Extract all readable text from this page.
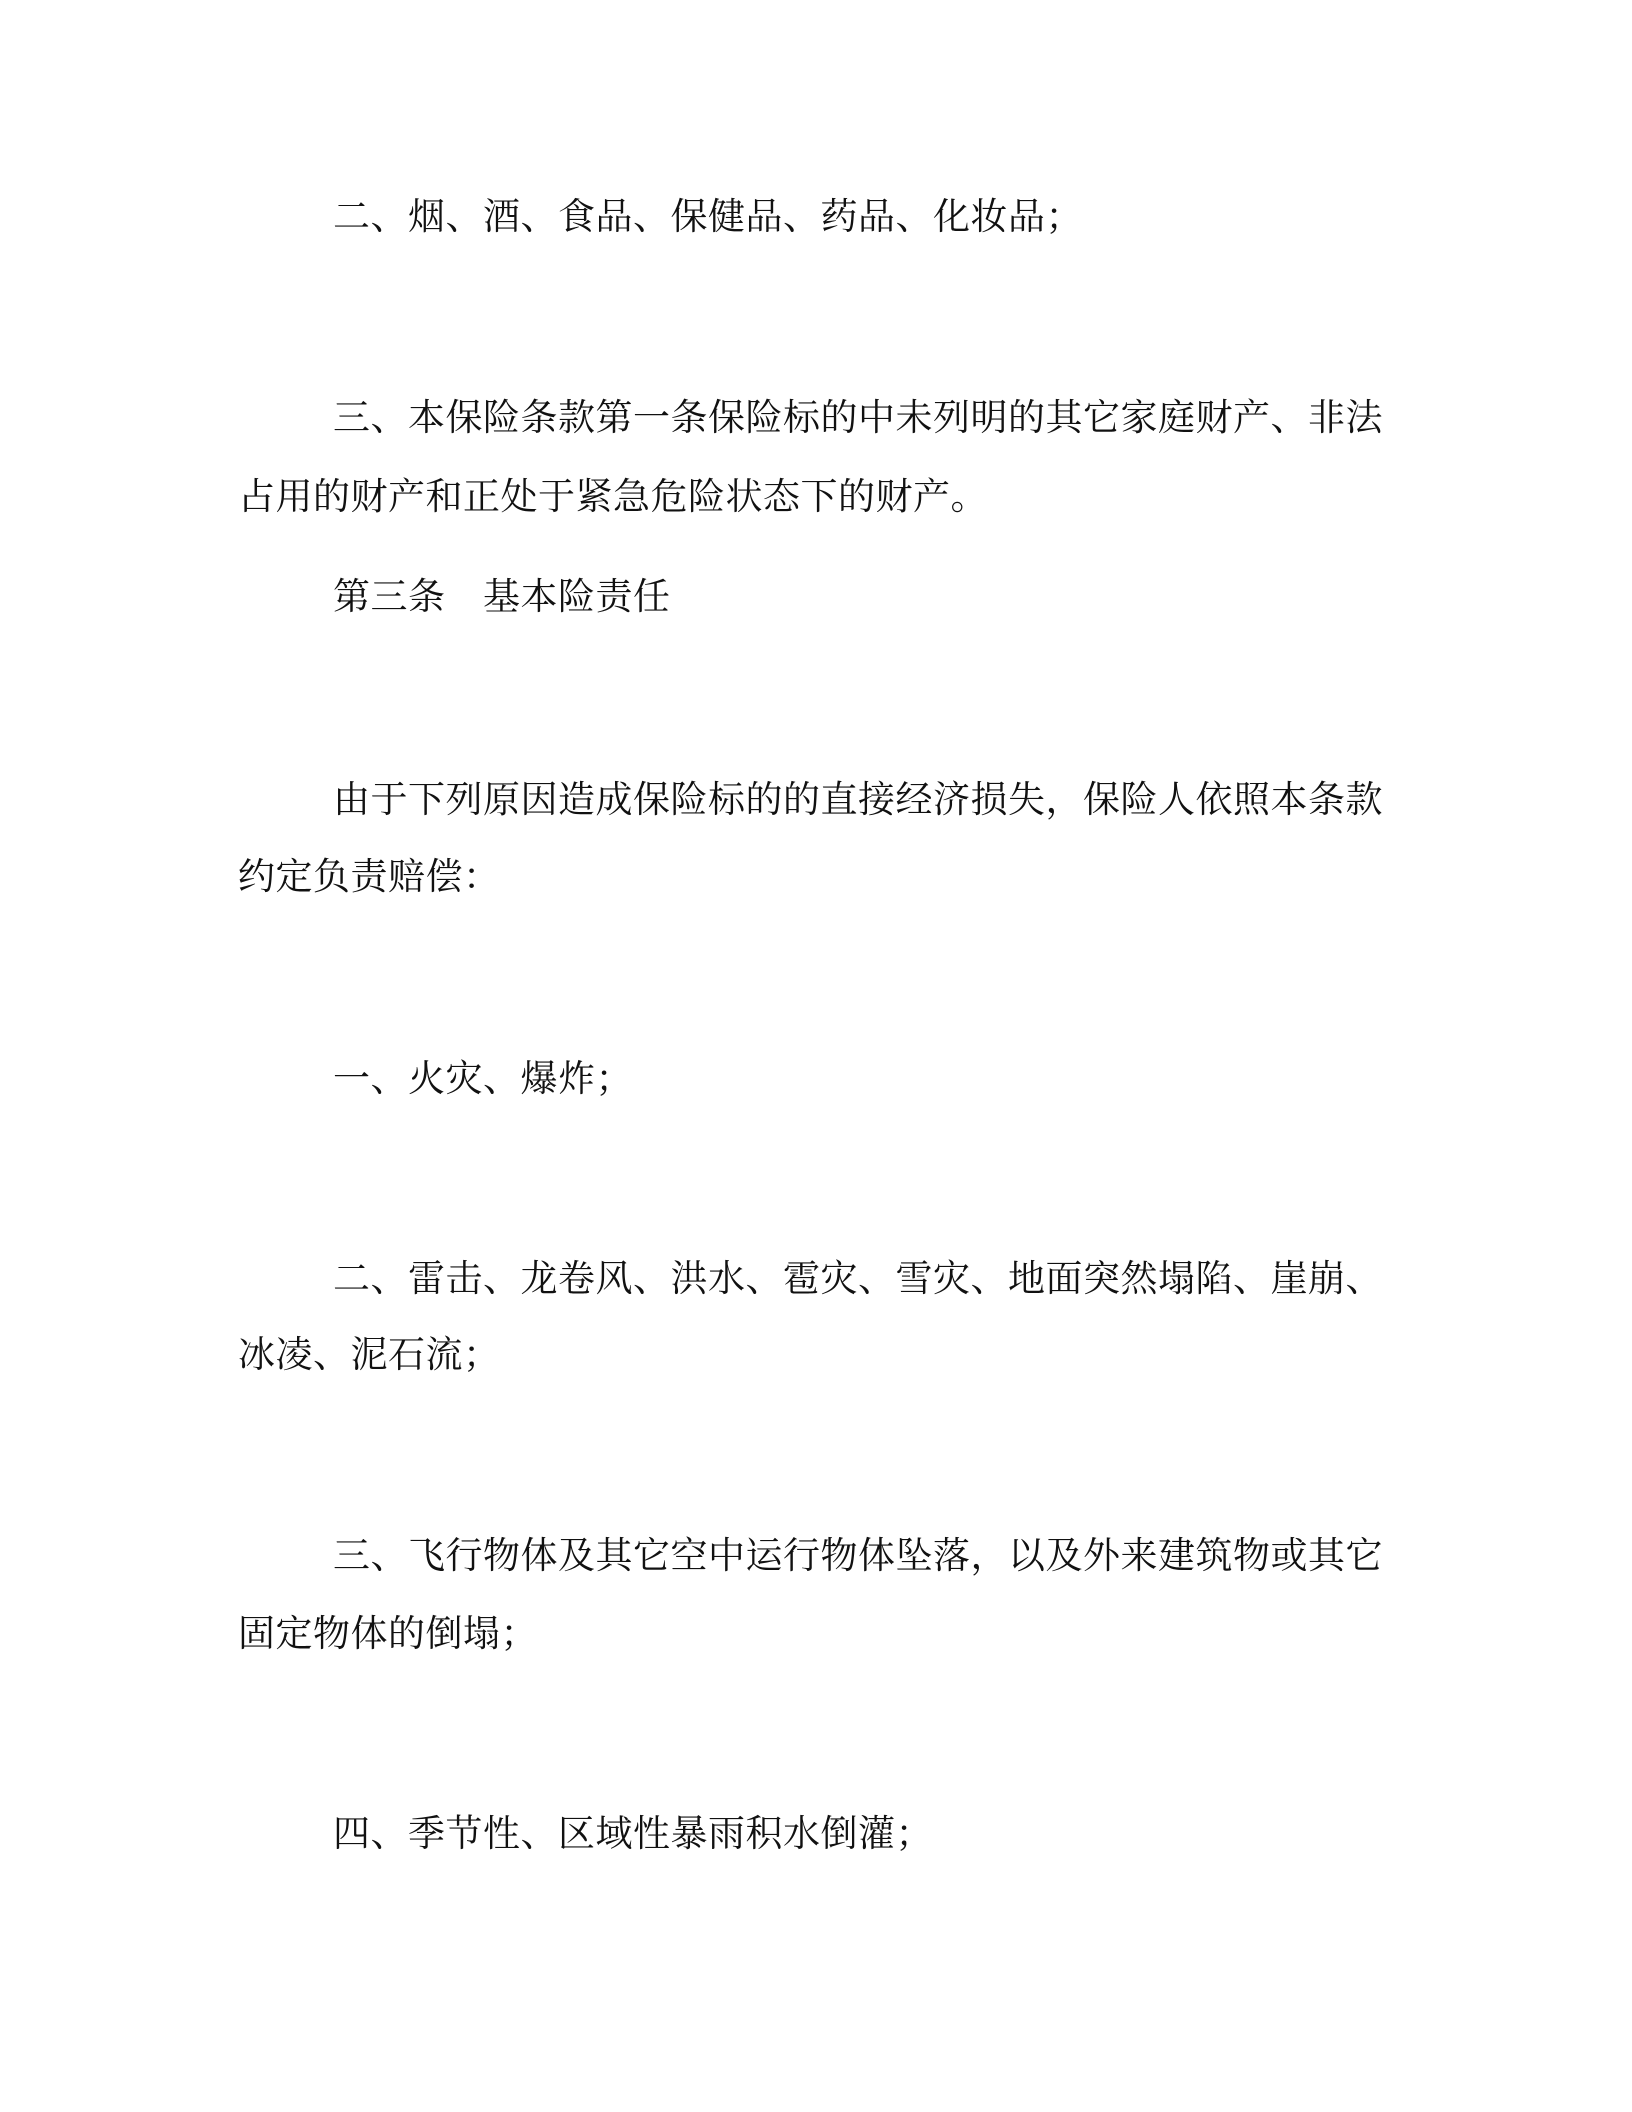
二、烟、酒、食品、保健品、药品、化妆品；
三、本保险条款第一条保险标的中未列明的其它家庭财产、非法
占用的财产和正处于紧急危险状态下的财产。
第三条　基本险责任
由于下列原因造成保险标的的直接经济损失，保险人依照本条款
约定负责赔偿：
一、火灾、爆炸；
二、雷击、龙卷风、洪水、雹灾、雪灾、地面突然塌陷、崖崩、
冰凌、泥石流；
三、飞行物体及其它空中运行物体坠落，以及外来建筑物或其它
固定物体的倒塌；
四、季节性、区域性暴雨积水倒灌；
